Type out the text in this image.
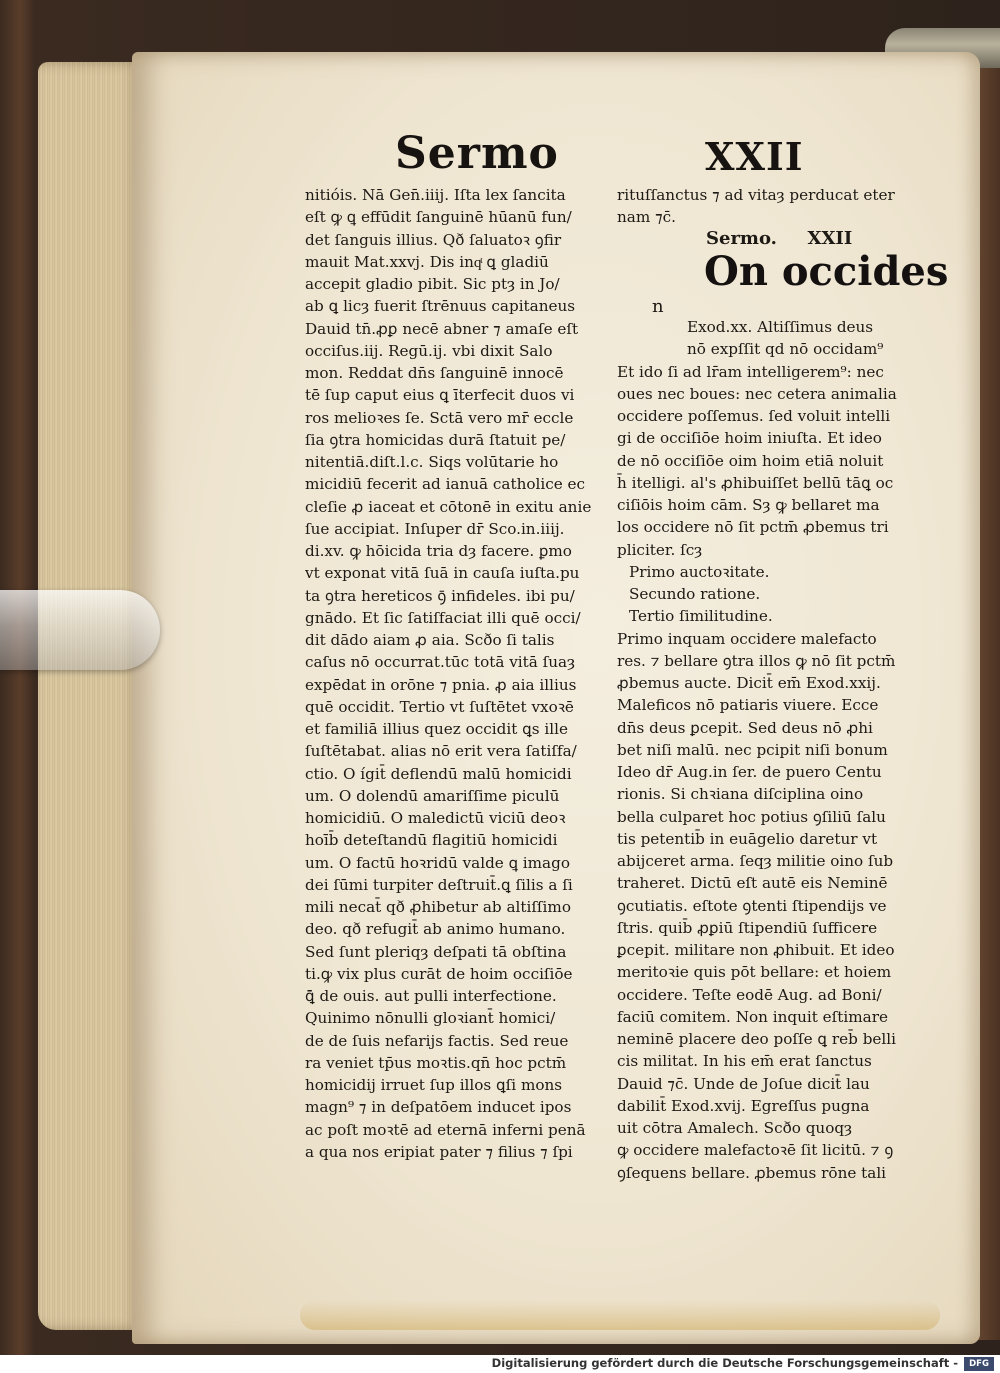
Sermo	XXII
nitióis. Nā Gen̄.iiij. Iſta lex ſancita
eſt ꝙ ꝗ effūdit ſanguinē hūanū fun/
det ſanguis illius. Qð ſaluatoꝛ ꝯfir
mauit Mat.xxvj. Dis inqͭ ꝗ gladiū
accepit gladio pibit. Sic ptȝ in Jo/
ab ꝗ licȝ fuerit ſtrēnuus capitaneus
Dauid tn̄.ꝓꝑ necē abner ⁊ amaſe eſt
occiſus.iij. Regū.ij. vbi dixit Salo
mon. Reddat dn̄s ſanguinē innocē
tē ſup caput eius ꝗ īterfecit duos vi
ros melioꝛes ſe. Sctā vero mr̄ eccle
ſia ꝯtra homicidas durā ſtatuit pe/
nitentiā.diſt.l.c. Siqs volūtarie ho
micidiū fecerit ad ianuā catholice ec
cleſie ꝓ iaceat et cōtonē in exitu anie
ſue accipiat. Inſuper dr̄ Sco.in.iiij.
di.xv. ꝙ hōicida tria dȝ facere. ꝑmo
vt exponat vitā ſuā in cauſa iuſta.pu
ta ꝯtra hereticos ꝯ̄ infideles. ibi pu/
gnādo. Et ſic ſatiſfaciat illi quē occi/
dit dādo aiam ꝓ aia. Scðo ſi talis
caſus nō occurrat.tūc totā vitā ſuaȝ
expēdat in orōne ⁊ pnia. ꝓ aia illius
quē occidit. Tertio vt ſuſtētet vxoꝛē
et familiā illius quez occidit ꝗs ille
ſuſtētabat. alias nō erit vera ſatiſfa/
ctio. O ígit̄ deflendū malū homicidi
um. O dolendū amariſſime piculū
homicidiū. O maledictū viciū deoꝛ
hoīb̄ deteſtandū flagitiū homicidi
um. O factū hoꝛridū valde ꝗ imago
dei ſūmi turpiter deſtruit̄.ꝗ ſilis a ſi
mili necat̄ qð ꝓhibetur ab altiſſimo
deo. qð refugit̄ ab animo humano.
Sed ſunt pleriqȝ deſpati tā obſtina
ti.ꝙ vix plus curāt de hoim occiſiōe
ꝗ̄ de ouis. aut pulli interfectione.
Quinimo nōnulli gloꝛiant̄ homici/
de de ſuis nefarijs factis. Sed reue
ra veniet tp̄us moꝛtis.qn̄ hoc pctm̄
homicidij irruet ſup illos ꝗſi mons
magn⁹ ⁊ in deſpatōem inducet ipos
ac poſt moꝛtē ad eternā inferni penā
a qua nos eripiat pater ⁊ filius ⁊ ſpi
rituſſanctus ⁊ ad vitaȝ perducat eter
nam ⁊c̄.
Sermo. XXII
On occides
n
Exod.xx. Altiſſimus deus
nō expſſit qd nō occidam⁹
Et ido ſi ad lr̄am intelligerem⁹: nec
oues nec boues: nec cetera animalia
occidere poſſemus. ſed voluit intelli
gi de occiſiōe hoim iniuſta. Et ideo
de nō occiſiōe oim hoim etiā noluit
h̄ itelligi. al's ꝓhibuiſſet bellū tāꝗ oc
ciſiōis hoim cām. Sȝ ꝙ bellaret ma
los occidere nō ſit pctm̄ ꝓbemus tri
pliciter. ſcȝ
Primo auctoꝛitate.
Secundo ratione.
Tertio ſimilitudine.
Primo inquam occidere malefacto
res. ⁊ bellare ꝯtra illos ꝙ nō ſit pctm̄
ꝓbemus aucte. Dicit̄ em̄ Exod.xxij.
Maleficos nō patiaris viuere. Ecce
dn̄s deus ꝑcepit. Sed deus nō ꝓhi
bet niſi malū. nec pcipit niſi bonum
Ideo dr̄ Aug.in ſer. de puero Centu
rionis. Si chꝛiana diſciplina oino
bella culparet hoc potius ꝯſiliū ſalu
tis petentib̄ in euāgelio daretur vt
abijceret arma. ſeqȝ militie oino ſub
traheret. Dictū eſt autē eis Neminē
ꝯcutiatis. eſtote ꝯtenti ſtipendijs ve
ſtris. quib̄ ꝓꝑiū ſtipendiū ſufficere
ꝑcepit. militare non ꝓhibuit. Et ideo
meritoꝛie quis pōt bellare: et hoiem
occidere. Teſte eodē Aug. ad Boni/
faciū comitem. Non inquit eſtimare
neminē placere deo poſſe ꝗ reb̄ belli
cis militat. In his em̄ erat ſanctus
Dauid ⁊c̄. Unde de Joſue dicit̄ lau
dabilit̄ Exod.xvij. Egreſſus pugna
uit cōtra Amalech. Scðo quoqȝ
ꝙ occidere malefactoꝛē ſit licitū. ⁊ ꝯ
ꝯſequens bellare. ꝓbemus rōne tali
Digitalisierung gefördert durch die Deutsche Forschungsgemeinschaft -	DFG
